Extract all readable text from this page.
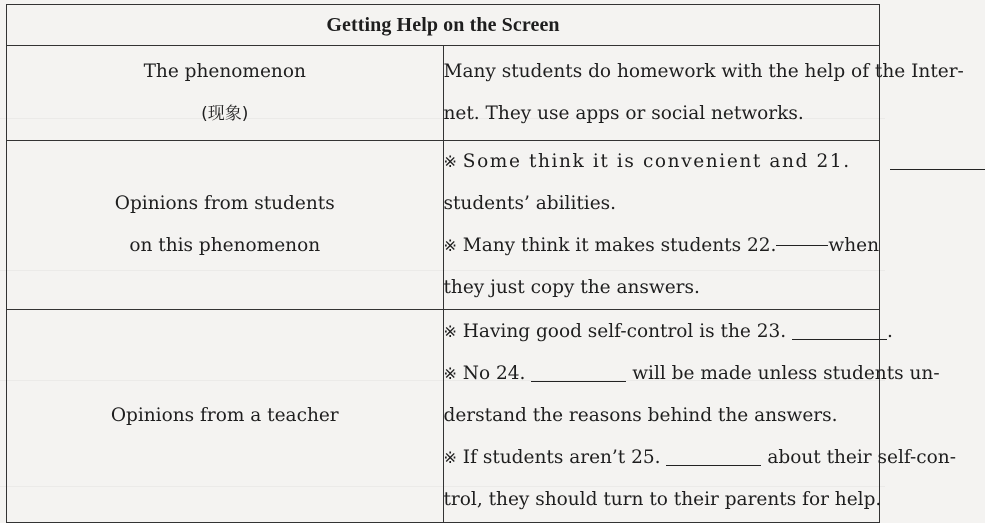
Getting Help on the Screen	

The phenomenon
(现象)	Many students do homework with the help of the Inter-
net. They use apps or social networks.

Opinions from students
on this phenomenon	※ Some think it is convenient and 21.
students’ abilities.
※ Many think it makes students 22. when
they just copy the answers.

Opinions from a teacher	※ Having good self-control is the 23. .
※ No 24. will be made unless students un-
derstand the reasons behind the answers.
※ If students aren’t 25. about their self-con-
trol, they should turn to their parents for help.
